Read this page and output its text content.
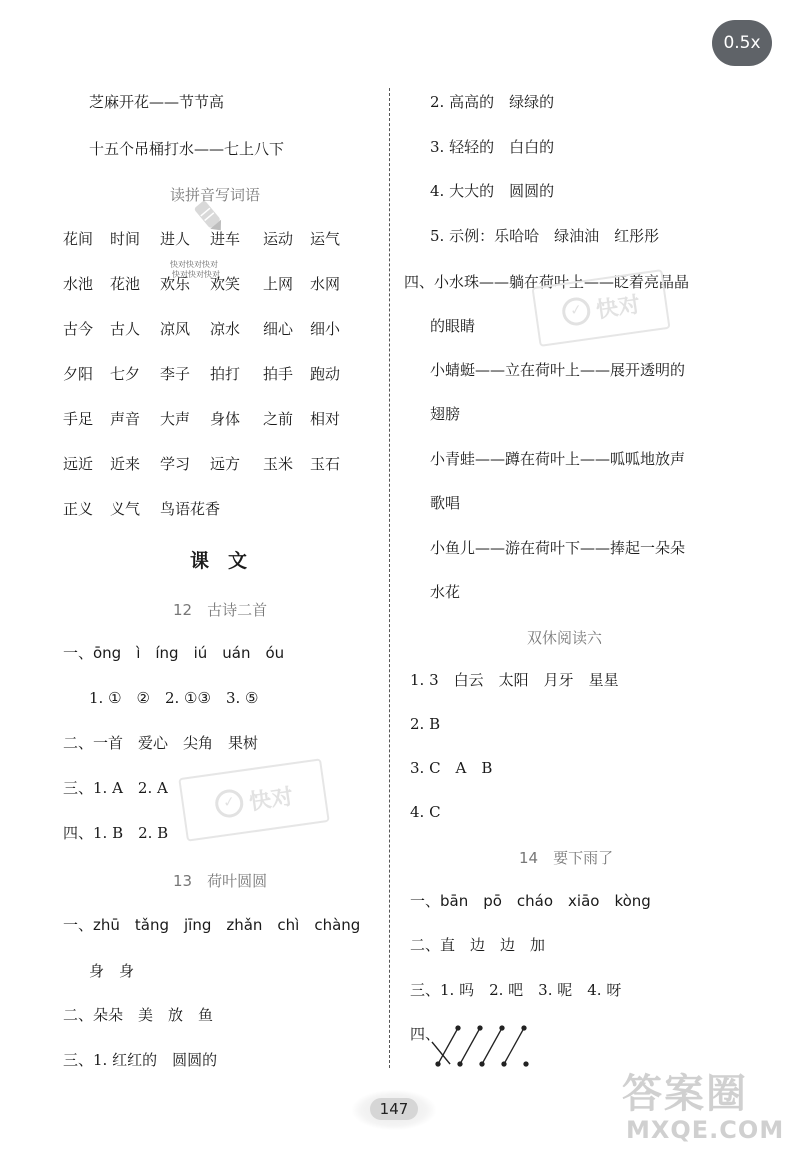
0.5x
芝麻开花——节节高
十五个吊桶打水——七上八下
读拼音写词语
快对快对快对
快对快对快对
花间 时间 进人 进车 运动 运气
水池 花池 欢乐 欢笑 上网 水网
古今 古人 凉风 凉水 细心 细小
夕阳 七夕 李子 拍打 拍手 跑动
手足 声音 大声 身体 之前 相对
远近 近来 学习 远方 玉米 玉石
正义 义气 鸟语花香
课　文
12　古诗二首
一、ōng　ì　íng　iú　uán　óu
1. ①　②　2. ①③　3. ⑤
二、一首　爱心　尖角　果树
三、1. A　2. A
四、1. B　2. B
13　荷叶圆圆
一、zhū　tǎng　jīng　zhǎn　chì　chàng
身　身
二、朵朵　美　放　鱼
三、1. 红红的　圆圆的
2. 高高的　绿绿的
3. 轻轻的　白白的
4. 大大的　圆圆的
5. 示例：乐哈哈　绿油油　红彤彤
四、小水珠——躺在荷叶上——眨着亮晶晶
的眼睛
小蜻蜓——立在荷叶上——展开透明的
翅膀
小青蛙——蹲在荷叶上——呱呱地放声
歌唱
小鱼儿——游在荷叶下——捧起一朵朵
水花
双休阅读六
1. 3　白云　太阳　月牙　星星
2. B
3. C　A　B
4. C
14　要下雨了
一、bān　pō　cháo　xiāo　kòng
二、直　边　边　加
三、1. 吗　2. 吧　3. 呢　4. 呀
四、
✓ 快对
✓ 快对
147	答案圈
MXQE.COM
